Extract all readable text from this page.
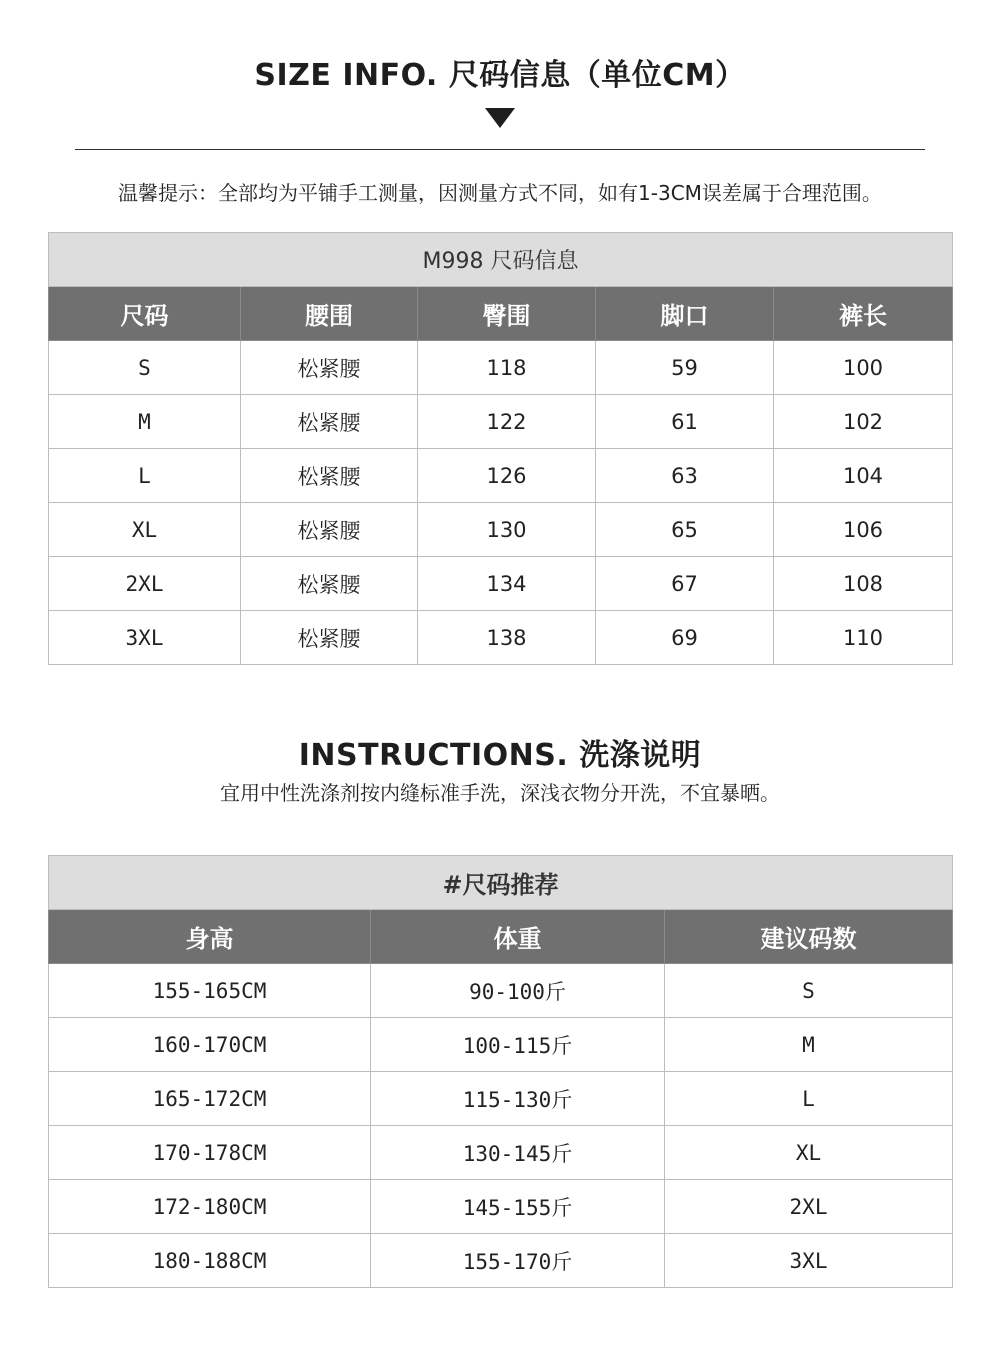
SIZE INFO. 尺码信息（单位CM）
温馨提示：全部均为平铺手工测量，因测量方式不同，如有1-3CM误差属于合理范围。
M998 尺码信息				
尺码	腰围	臀围	脚口	裤长
S	松紧腰	118	59	100
M	松紧腰	122	61	102
L	松紧腰	126	63	104
XL	松紧腰	130	65	106
2XL	松紧腰	134	67	108
3XL	松紧腰	138	69	110
INSTRUCTIONS. 洗涤说明
宜用中性洗涤剂按内缝标准手洗，深浅衣物分开洗，不宜暴晒。
#尺码推荐		
身高	体重	建议码数
155-165CM	90-100斤	S
160-170CM	100-115斤	M
165-172CM	115-130斤	L
170-178CM	130-145斤	XL
172-180CM	145-155斤	2XL
180-188CM	155-170斤	3XL
